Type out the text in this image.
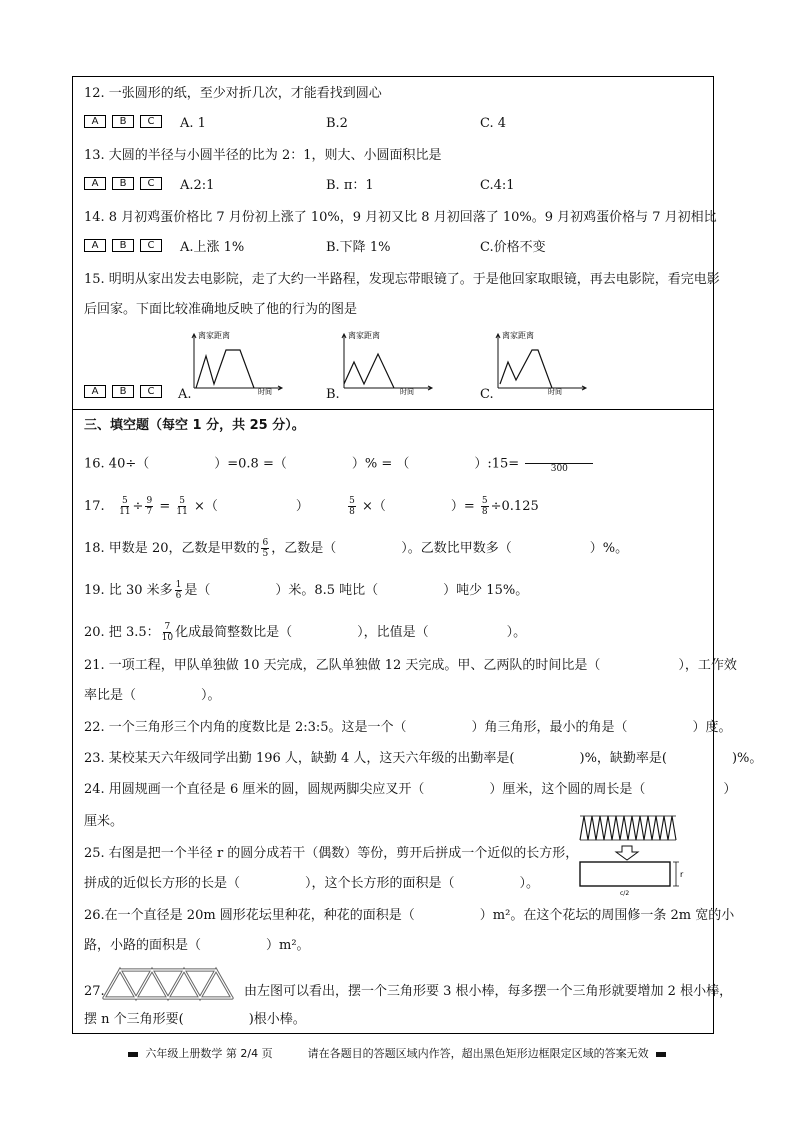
12. 一张圆形的纸，至少对折几次，才能看找到圆心
A	B	C	A. 1	B.2	C. 4
13. 大圆的半径与小圆半径的比为 2：1，则大、小圆面积比是
A	B	C	A.2:1	B. π：1	C.4:1
14. 8 月初鸡蛋价格比 7 月份初上涨了 10%，9 月初又比 8 月初回落了 10%。9 月初鸡蛋价格与 7 月初相比
A	B	C	A.上涨 1%	B.下降 1%	C.价格不变
15. 明明从家出发去电影院，走了大约一半路程，发现忘带眼镜了。于是他回家取眼镜，再去电影院，看完电影
后回家。下面比较准确地反映了他的行为的图是
A	B	C	A.	B.	C.
离家距离
时间
离家距离
时间
离家距离
时间
三、填空题（每空 1 分，共 25 分）。
16. 40÷（　　　　　）=0.8 =（　　　　　）% = （　　　　　）:15=	300
17. $\frac{5}{11} \div \frac{9}{7} = \frac{5}{11}$ ×（　　　　　　）	$\frac{5}{8}$ ×（　　　　　）= $\frac{5}{8} \div 0.125$
18. 甲数是 20，乙数是甲数的 $\frac{6}{5}$ ，乙数是（　　　　　）。乙数比甲数多（　　　　　　）%。
19. 比 30 米多 $\frac{1}{6}$ 是（　　　　　）米。8.5 吨比（　　　　　）吨少 15%。
20. 把 3.5： $\frac{7}{10}$ 化成最简整数比是（　　　　　），比值是（　　　　　　）。
21. 一项工程，甲队单独做 10 天完成，乙队单独做 12 天完成。甲、乙两队的时间比是（　　　　　　），工作效
率比是（　　　　　）。
22. 一个三角形三个内角的度数比是 2:3:5。这是一个（　　　　　）角三角形，最小的角是（　　　　　）度。
23. 某校某天六年级同学出勤 196 人，缺勤 4 人，这天六年级的出勤率是(　　　　　)%，缺勤率是(　　　　　)%。
24. 用圆规画一个直径是 6 厘米的圆，圆规两脚尖应叉开（　　　　　）厘米，这个圆的周长是（　　　　　　）
厘米。
25. 右图是把一个半径 r 的圆分成若干（偶数）等份，剪开后拼成一个近似的长方形，
拼成的近似长方形的长是（　　　　　），这个长方形的面积是（　　　　　）。
r
c/2
26.在一个直径是 20m 圆形花坛里种花，种花的面积是（　　　　　）m²。在这个花坛的周围修一条 2m 宽的小
路，小路的面积是（　　　　　）m²。
27.	由左图可以看出，摆一个三角形要 3 根小棒，每多摆一个三角形就要增加 2 根小棒，
摆 n 个三角形要(　　　　　)根小棒。
六年级上册数学 第 2/4 页	请在各题目的答题区域内作答，超出黑色矩形边框限定区域的答案无效
